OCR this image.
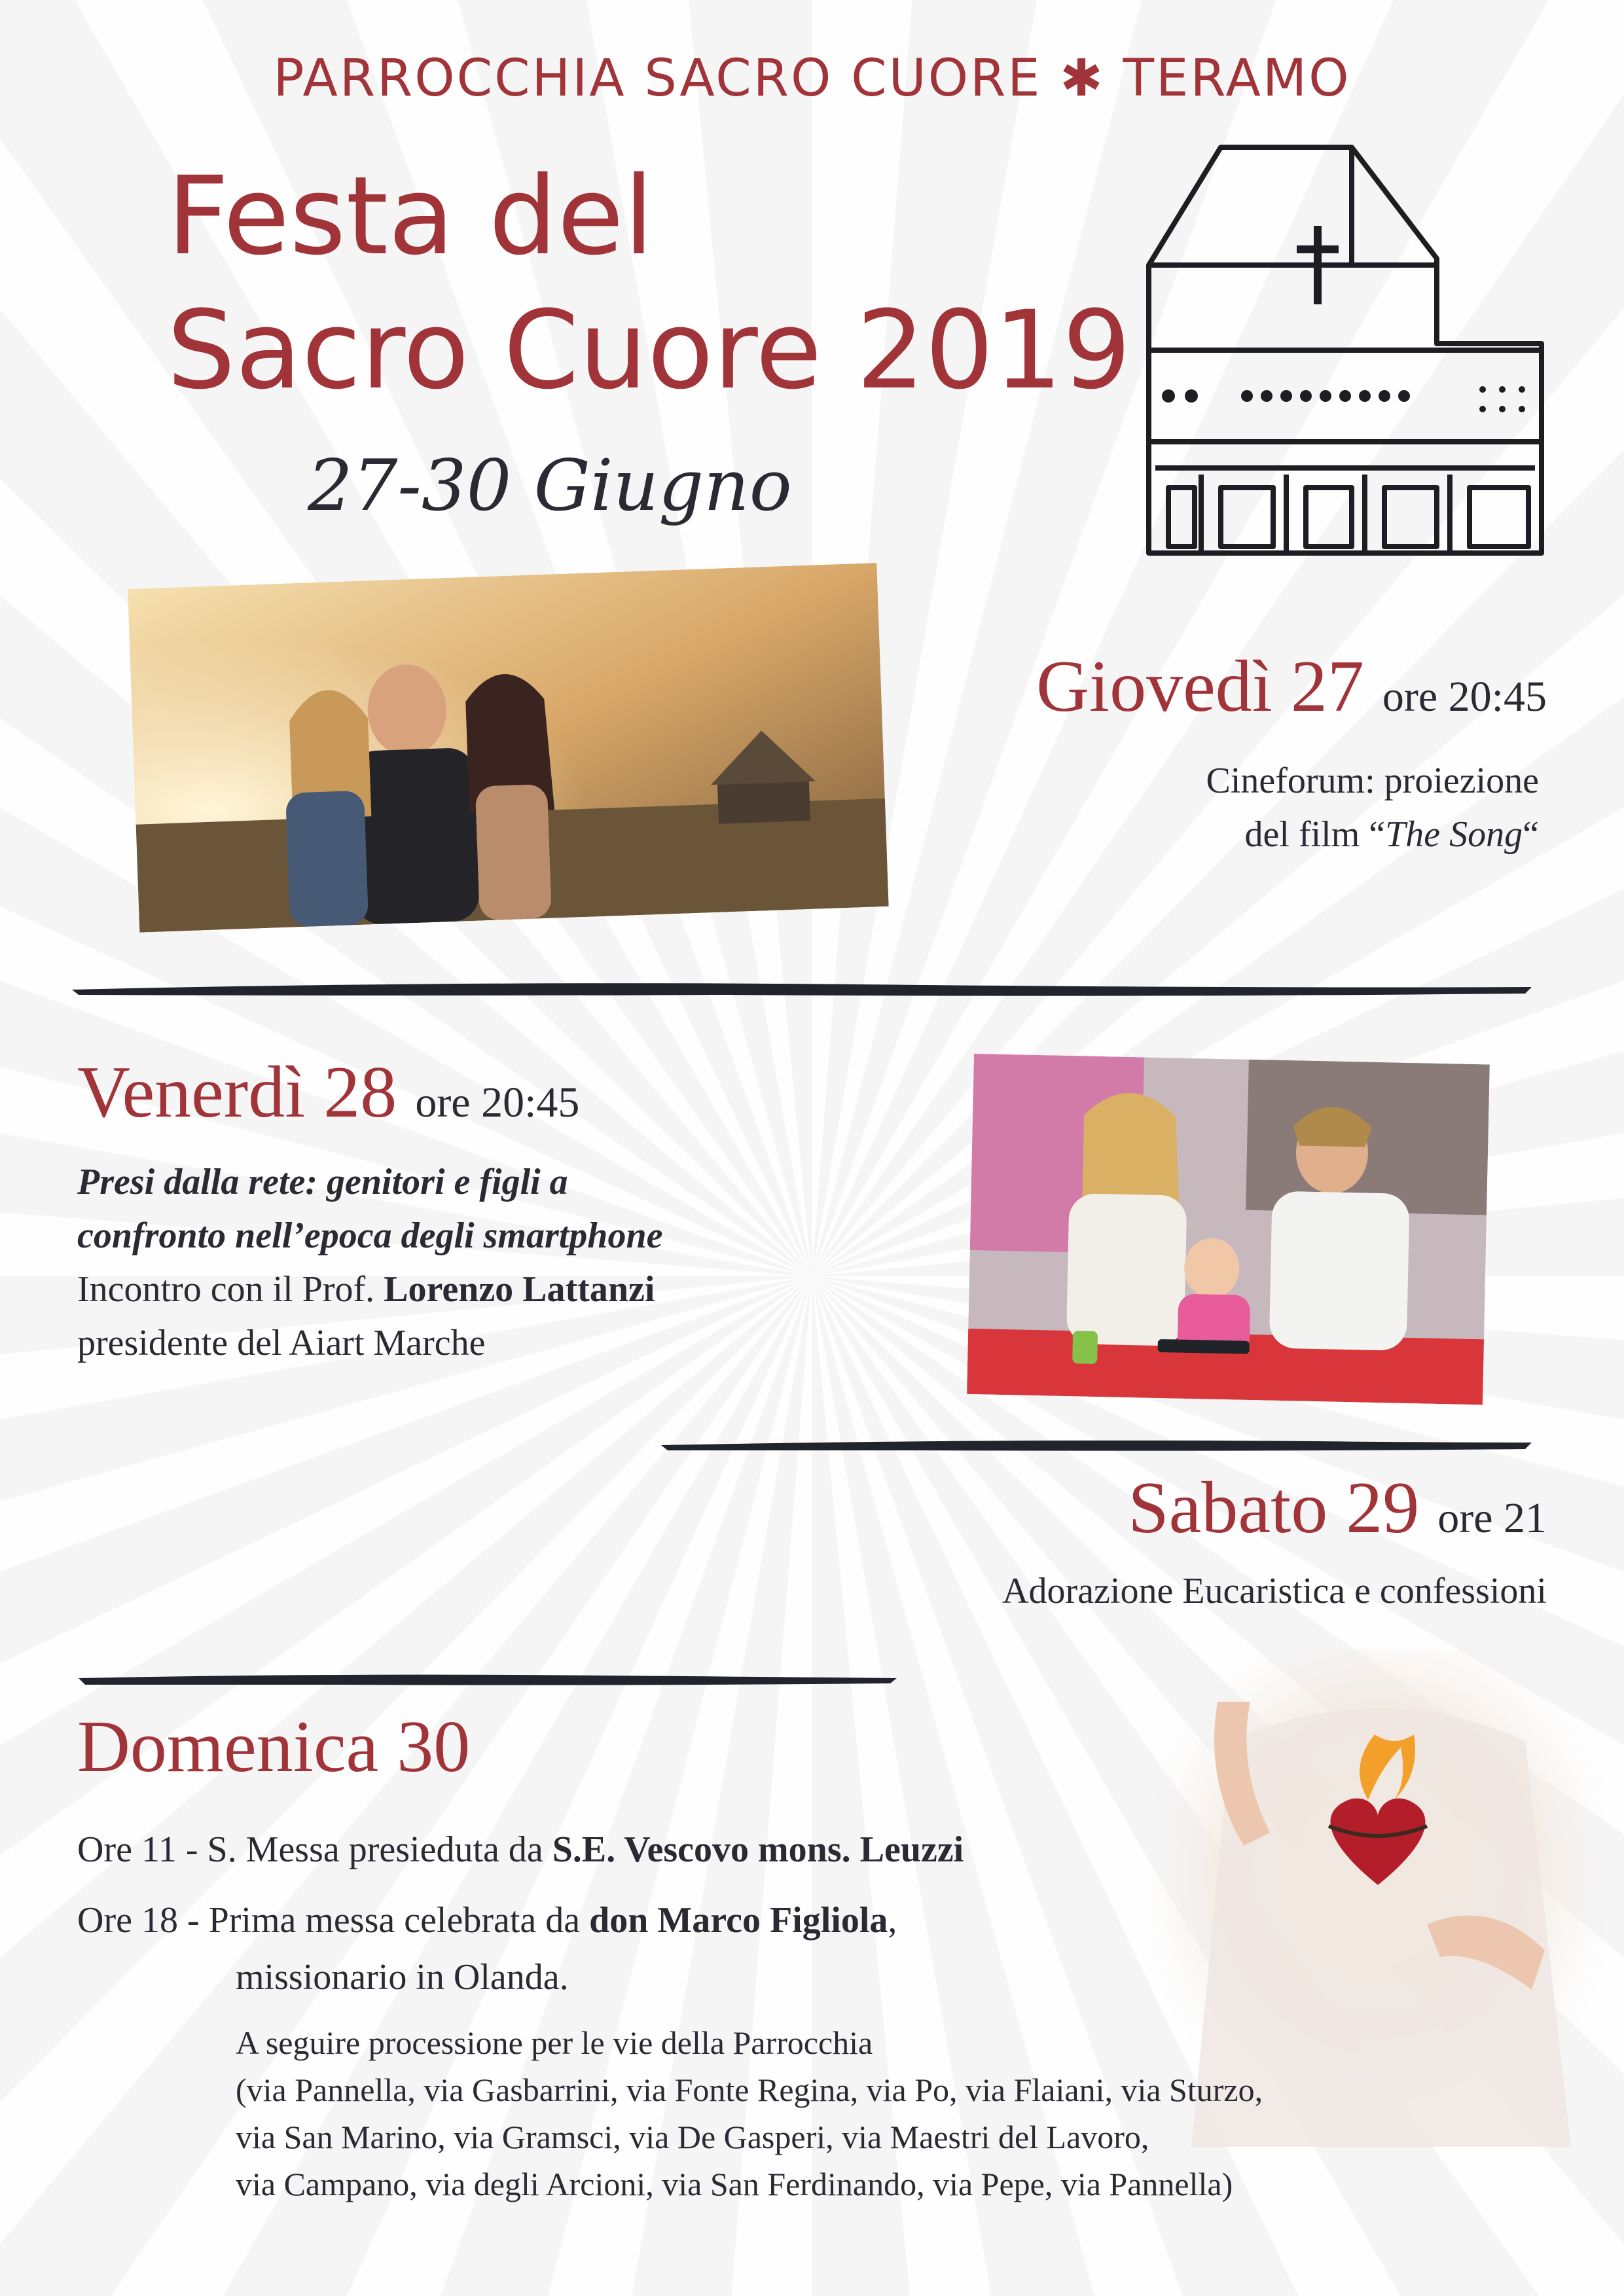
PARROCCHIA SACRO CUORE ✱ TERAMO
Festa del
Sacro Cuore 2019
27-30 Giugno
Giovedì 27 ore 20:45
Cineforum: proiezione
del film “The Song“
Venerdì 28 ore 20:45
Presi dalla rete: genitori e figli a
confronto nell’epoca degli smartphone
Incontro con il Prof. Lorenzo Lattanzi
presidente del Aiart Marche
Sabato 29 ore 21
Adorazione Eucaristica e confessioni
Domenica 30
Ore 11 - S. Messa presieduta da S.E. Vescovo mons. Leuzzi
Ore 18 - Prima messa celebrata da don Marco Figliola,
missionario in Olanda.
A seguire processione per le vie della Parrocchia
(via Pannella, via Gasbarrini, via Fonte Regina, via Po, via Flaiani, via Sturzo,
via San Marino, via Gramsci, via De Gasperi, via Maestri del Lavoro,
via Campano, via degli Arcioni, via San Ferdinando, via Pepe, via Pannella)
